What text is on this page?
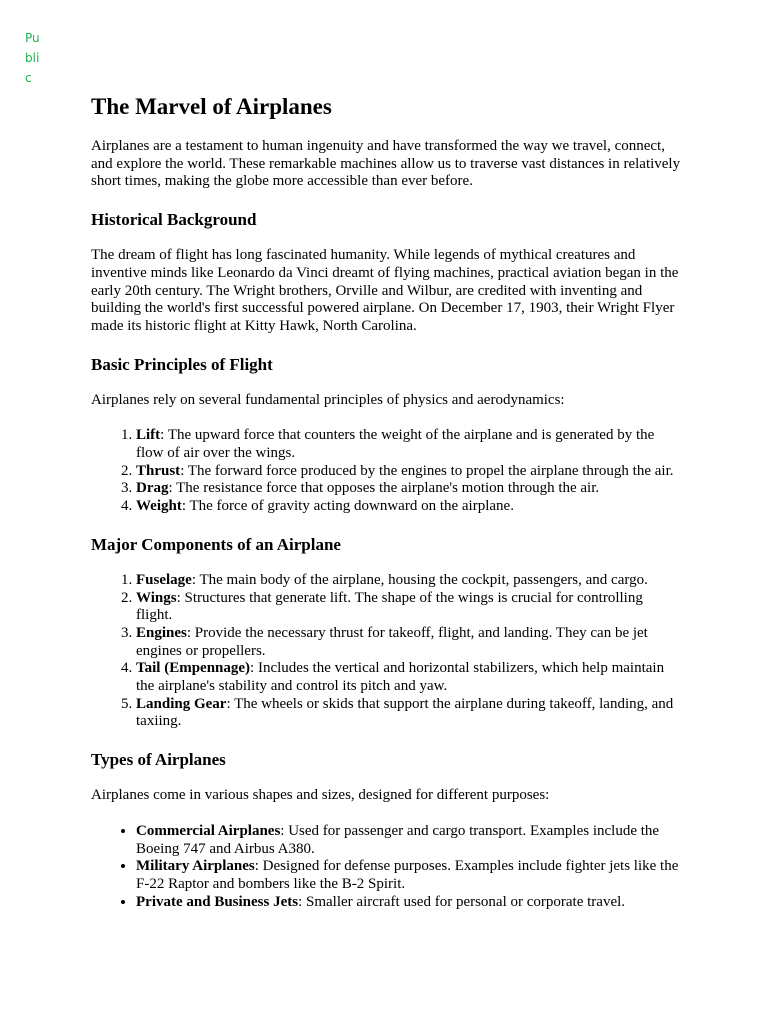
Public
The Marvel of Airplanes

Airplanes are a testament to human ingenuity and have transformed the way we travel, connect, and explore the world. These remarkable machines allow us to traverse vast distances in relatively short times, making the globe more accessible than ever before.

Historical Background

The dream of flight has long fascinated humanity. While legends of mythical creatures and inventive minds like Leonardo da Vinci dreamt of flying machines, practical aviation began in the early 20th century. The Wright brothers, Orville and Wilbur, are credited with inventing and building the world's first successful powered airplane. On December 17, 1903, their Wright Flyer made its historic flight at Kitty Hawk, North Carolina.

Basic Principles of Flight

Airplanes rely on several fundamental principles of physics and aerodynamics:

1. Lift: The upward force that counters the weight of the airplane and is generated by the flow of air over the wings.
2. Thrust: The forward force produced by the engines to propel the airplane through the air.
3. Drag: The resistance force that opposes the airplane's motion through the air.
4. Weight: The force of gravity acting downward on the airplane.
Major Components of an Airplane
1. Fuselage: The main body of the airplane, housing the cockpit, passengers, and cargo.
2. Wings: Structures that generate lift. The shape of the wings is crucial for controlling flight.
3. Engines: Provide the necessary thrust for takeoff, flight, and landing. They can be jet engines or propellers.
4. Tail (Empennage): Includes the vertical and horizontal stabilizers, which help maintain the airplane's stability and control its pitch and yaw.
5. Landing Gear: The wheels or skids that support the airplane during takeoff, landing, and taxiing.
Types of Airplanes

Airplanes come in various shapes and sizes, designed for different purposes:

• Commercial Airplanes: Used for passenger and cargo transport. Examples include the Boeing 747 and Airbus A380.
• Military Airplanes: Designed for defense purposes. Examples include fighter jets like the F-22 Raptor and bombers like the B-2 Spirit.
• Private and Business Jets: Smaller aircraft used for personal or corporate travel.
